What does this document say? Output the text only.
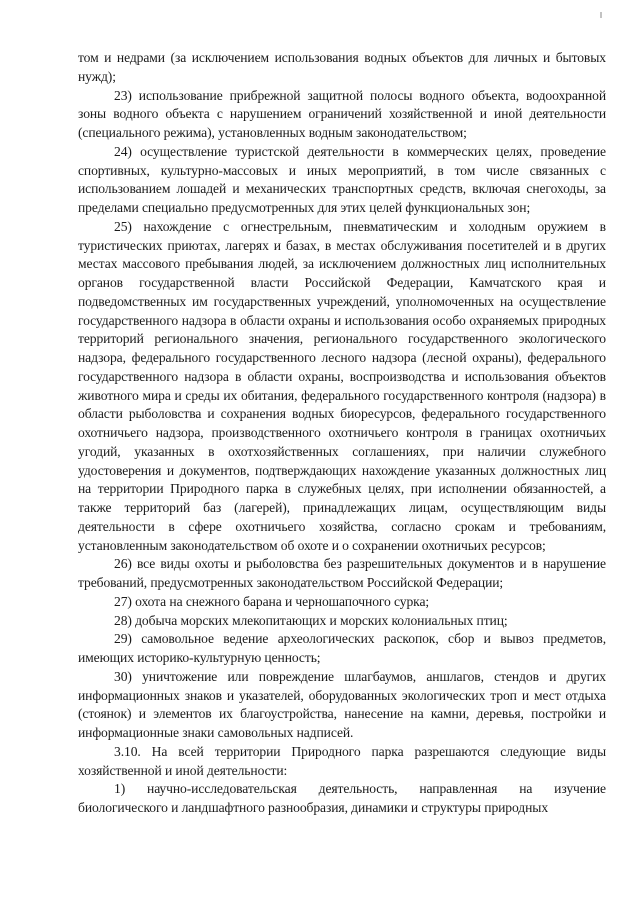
том и недрами (за исключением использования водных объектов для личных и бытовых нужд);

23) использование прибрежной защитной полосы водного объекта, водоохранной зоны водного объекта с нарушением ограничений хозяйственной и иной деятельности (специального режима), установленных водным законодательством;

24) осуществление туристской деятельности в коммерческих целях, проведение спортивных, культурно-массовых и иных мероприятий, в том числе связанных с использованием лошадей и механических транспортных средств, включая снегоходы, за пределами специально предусмотренных для этих целей функциональных зон;

25) нахождение с огнестрельным, пневматическим и холодным оружием в туристических приютах, лагерях и базах, в местах обслуживания посетителей и в других местах массового пребывания людей, за исключением должностных лиц исполнительных органов государственной власти Российской Федерации, Камчатского края и подведомственных им государственных учреждений, уполномоченных на осуществление государственного надзора в области охраны и использования особо охраняемых природных территорий регионального значения, регионального государственного экологического надзора, федерального государственного лесного надзора (лесной охраны), федерального государственного надзора в области охраны, воспроизводства и использования объектов животного мира и среды их обитания, федерального государственного контроля (надзора) в области рыболовства и сохранения водных биоресурсов, федерального государственного охотничьего надзора, производственного охотничьего контроля в границах охотничьих угодий, указанных в охотхозяйственных соглашениях, при наличии служебного удостоверения и документов, подтверждающих нахождение указанных должностных лиц на территории Природного парка в служебных целях, при исполнении обязанностей, а также территорий баз (лагерей), принадлежащих лицам, осуществляющим виды деятельности в сфере охотничьего хозяйства, согласно срокам и требованиям, установленным законодательством об охоте и о сохранении охотничьих ресурсов;

26) все виды охоты и рыболовства без разрешительных документов и в нарушение требований, предусмотренных законодательством Российской Федерации;

27) охота на снежного барана и черношапочного сурка;

28) добыча морских млекопитающих и морских колониальных птиц;

29) самовольное ведение археологических раскопок, сбор и вывоз предметов, имеющих историко-культурную ценность;

30) уничтожение или повреждение шлагбаумов, аншлагов, стендов и других информационных знаков и указателей, оборудованных экологических троп и мест отдыха (стоянок) и элементов их благоустройства, нанесение на камни, деревья, постройки и информационные знаки самовольных надписей.

3.10. На всей территории Природного парка разрешаются следующие виды хозяйственной и иной деятельности:

1) научно-исследовательская деятельность, направленная на изучение биологического и ландшафтного разнообразия, динамики и структуры природных
